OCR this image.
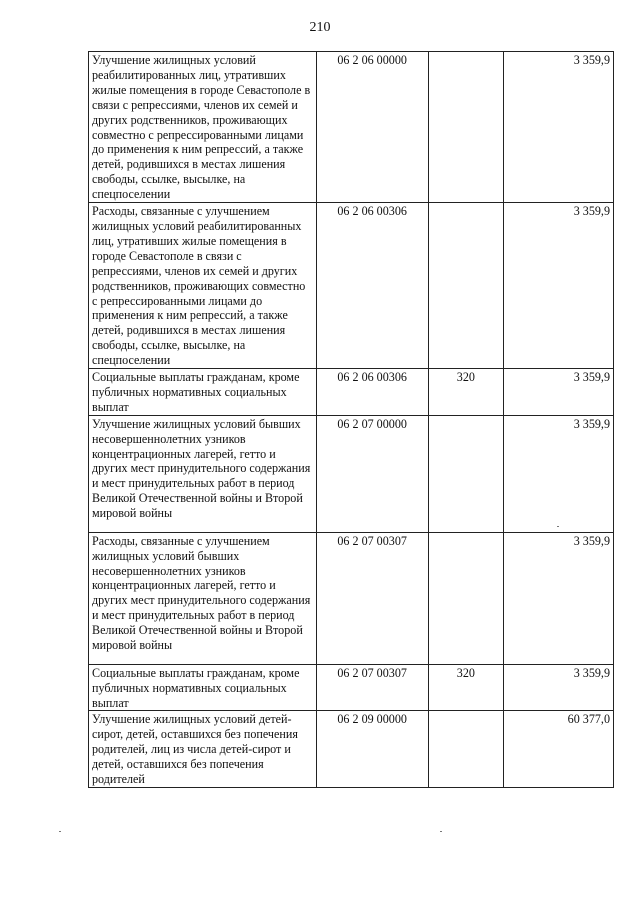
210
Улучшение жилищных условий реабилитированных лиц, утративших жилые помещения в городе Севастополе в связи с репрессиями, членов их семей и других родственников, проживающих совместно с репрессированными лицами до применения к ним репрессий, а также детей, родившихся в местах лишения свободы, ссылке, высылке, на спецпоселении	06 2 06 00000		3 359,9
Расходы, связанные с улучшением жилищных условий реабилитированных лиц, утративших жилые помещения в городе Севастополе в связи с репрессиями, членов их семей и других родственников, проживающих совместно с репрессированными лицами до применения к ним репрессий, а также детей, родившихся в местах лишения свободы, ссылке, высылке, на спецпоселении	06 2 06 00306		3 359,9
Социальные выплаты гражданам, кроме публичных нормативных социальных выплат	06 2 06 00306	320	3 359,9
Улучшение жилищных условий бывших несовершеннолетних узников концентрационных лагерей, гетто и других мест принудительного содержания и мест принудительных работ в период Великой Отечественной войны и Второй мировой войны	06 2 07 00000		3 359,9
Расходы, связанные с улучшением жилищных условий бывших несовершеннолетних узников концентрационных лагерей, гетто и других мест принудительного содержания и мест принудительных работ в период Великой Отечественной войны и Второй мировой войны	06 2 07 00307		3 359,9
Социальные выплаты гражданам, кроме публичных нормативных социальных выплат	06 2 07 00307	320	3 359,9
Улучшение жилищных условий детей-сирот, детей, оставшихся без попечения родителей, лиц из числа детей-сирот и детей, оставшихся без попечения родителей	06 2 09 00000		60 377,0
